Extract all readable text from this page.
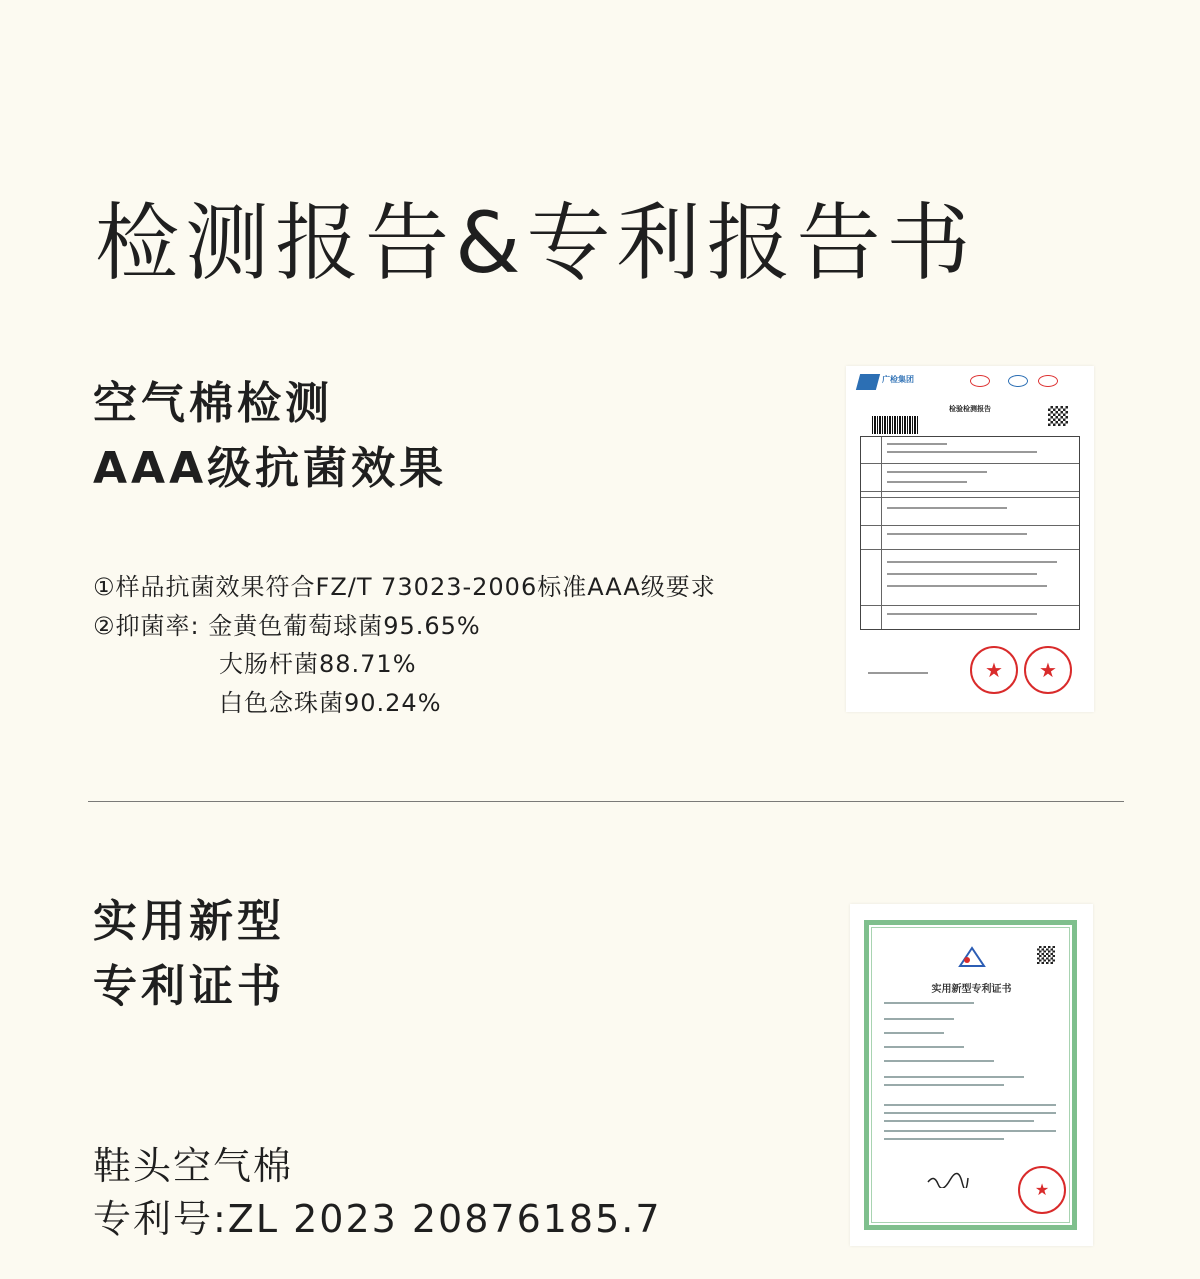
检测报告&专利报告书
空气棉检测
AAA级抗菌效果
①样品抗菌效果符合FZ/T 73023-2006标准AAA级要求
②抑菌率: 金黄色葡萄球菌95.65%
大肠杆菌88.71%
白色念珠菌90.24%
广检集团
检验检测报告
★	★
实用新型
专利证书
鞋头空气棉
专利号:ZL 2023 20876185.7
实用新型专利证书
★
